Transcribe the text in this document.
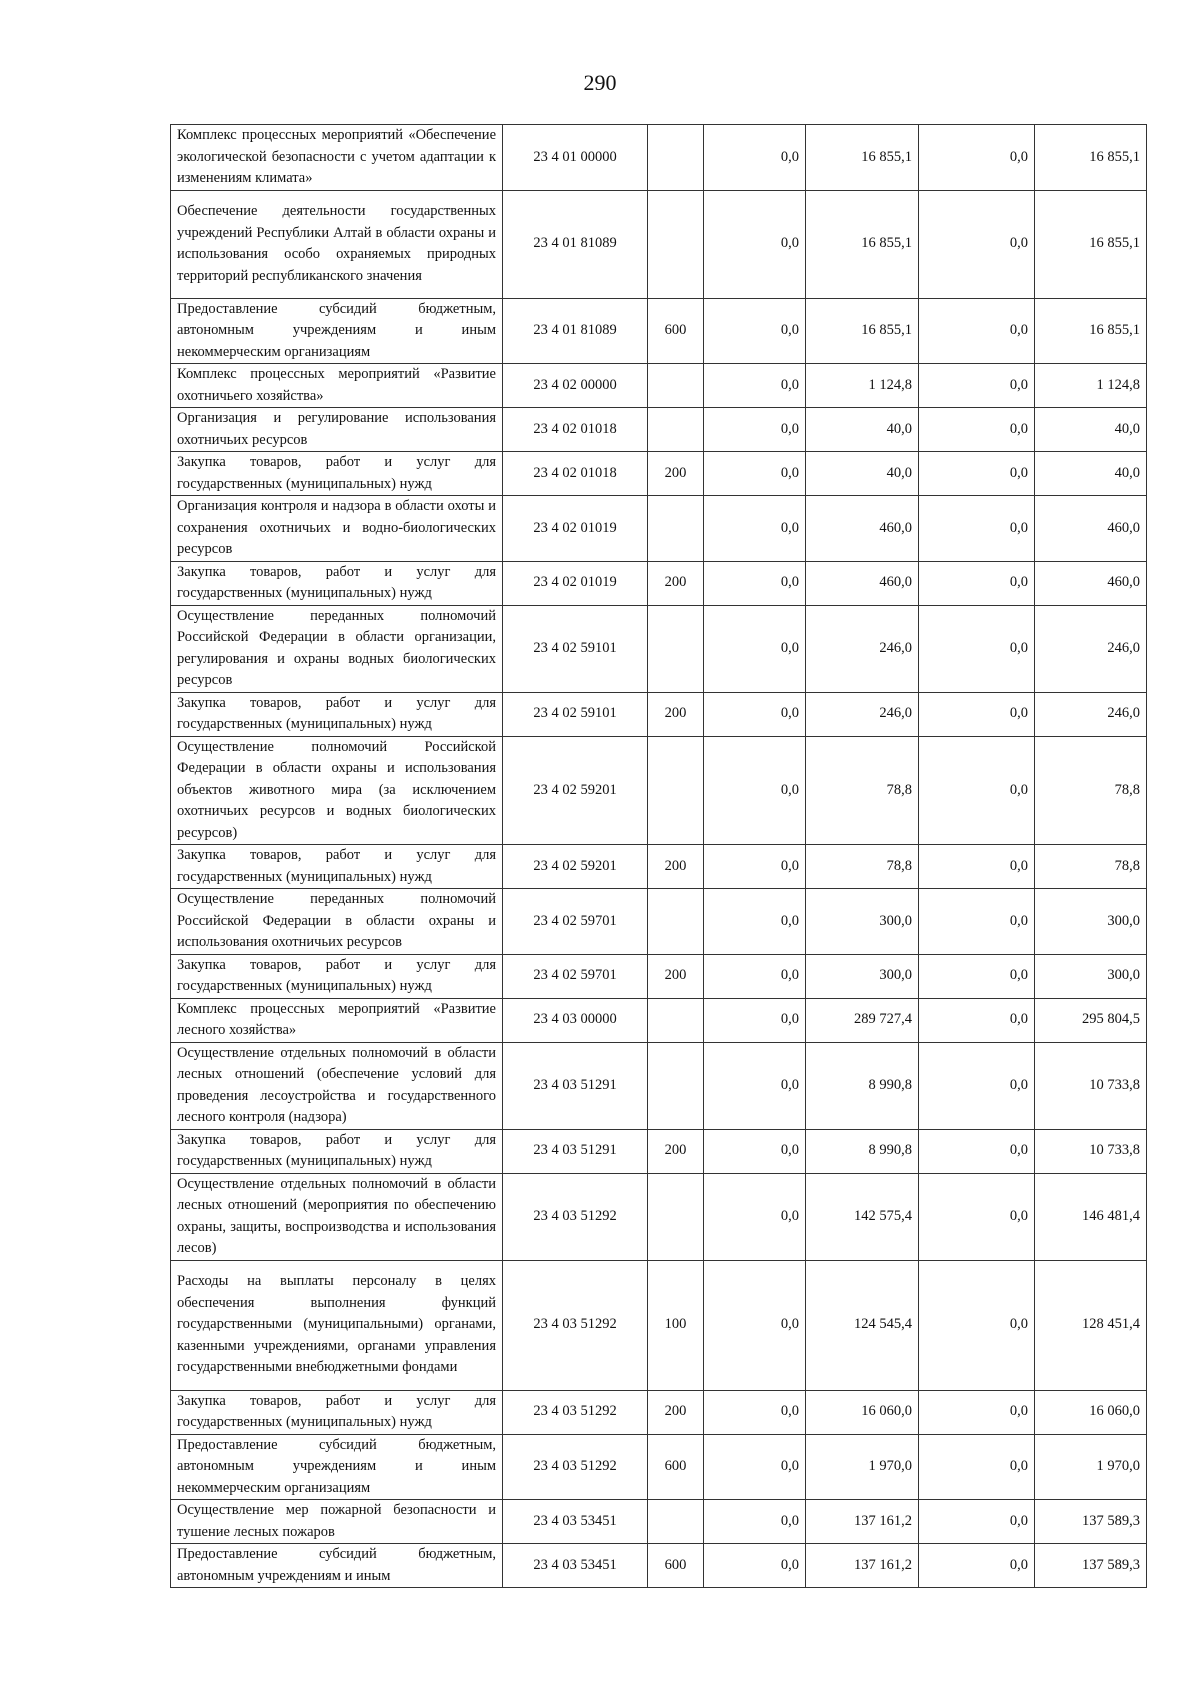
290
Комплекс процессных мероприятий «Обеспечение экологической безопасности с учетом адаптации к изменениям климата»	23 4 01 00000		0,0	16 855,1	0,0	16 855,1
Обеспечение деятельности государственных учреждений Республики Алтай в области охраны и использования особо охраняемых природных территорий республиканского значения	23 4 01 81089		0,0	16 855,1	0,0	16 855,1
Предоставление субсидий бюджетным, автономным учреждениям и иным некоммерческим организациям	23 4 01 81089	600	0,0	16 855,1	0,0	16 855,1
Комплекс процессных мероприятий «Развитие охотничьего хозяйства»	23 4 02 00000		0,0	1 124,8	0,0	1 124,8
Организация и регулирование использования охотничьих ресурсов	23 4 02 01018		0,0	40,0	0,0	40,0
Закупка товаров, работ и услуг для государственных (муниципальных) нужд	23 4 02 01018	200	0,0	40,0	0,0	40,0
Организация контроля и надзора в области охоты и сохранения охотничьих и водно-биологических ресурсов	23 4 02 01019		0,0	460,0	0,0	460,0
Закупка товаров, работ и услуг для государственных (муниципальных) нужд	23 4 02 01019	200	0,0	460,0	0,0	460,0
Осуществление переданных полномочий Российской Федерации в области организации, регулирования и охраны водных биологических ресурсов	23 4 02 59101		0,0	246,0	0,0	246,0
Закупка товаров, работ и услуг для государственных (муниципальных) нужд	23 4 02 59101	200	0,0	246,0	0,0	246,0
Осуществление полномочий Российской Федерации в области охраны и использования объектов животного мира (за исключением охотничьих ресурсов и водных биологических ресурсов)	23 4 02 59201		0,0	78,8	0,0	78,8
Закупка товаров, работ и услуг для государственных (муниципальных) нужд	23 4 02 59201	200	0,0	78,8	0,0	78,8
Осуществление переданных полномочий Российской Федерации в области охраны и использования охотничьих ресурсов	23 4 02 59701		0,0	300,0	0,0	300,0
Закупка товаров, работ и услуг для государственных (муниципальных) нужд	23 4 02 59701	200	0,0	300,0	0,0	300,0
Комплекс процессных мероприятий «Развитие лесного хозяйства»	23 4 03 00000		0,0	289 727,4	0,0	295 804,5
Осуществление отдельных полномочий в области лесных отношений (обеспечение условий для проведения лесоустройства и государственного лесного контроля (надзора)	23 4 03 51291		0,0	8 990,8	0,0	10 733,8
Закупка товаров, работ и услуг для государственных (муниципальных) нужд	23 4 03 51291	200	0,0	8 990,8	0,0	10 733,8
Осуществление отдельных полномочий в области лесных отношений (мероприятия по обеспечению охраны, защиты, воспроизводства и использования лесов)	23 4 03 51292		0,0	142 575,4	0,0	146 481,4
Расходы на выплаты персоналу в целях обеспечения выполнения функций государственными (муниципальными) органами, казенными учреждениями, органами управления государственными внебюджетными фондами	23 4 03 51292	100	0,0	124 545,4	0,0	128 451,4
Закупка товаров, работ и услуг для государственных (муниципальных) нужд	23 4 03 51292	200	0,0	16 060,0	0,0	16 060,0
Предоставление субсидий бюджетным, автономным учреждениям и иным некоммерческим организациям	23 4 03 51292	600	0,0	1 970,0	0,0	1 970,0
Осуществление мер пожарной безопасности и тушение лесных пожаров	23 4 03 53451		0,0	137 161,2	0,0	137 589,3
Предоставление субсидий бюджетным, автономным учреждениям и иным	23 4 03 53451	600	0,0	137 161,2	0,0	137 589,3
